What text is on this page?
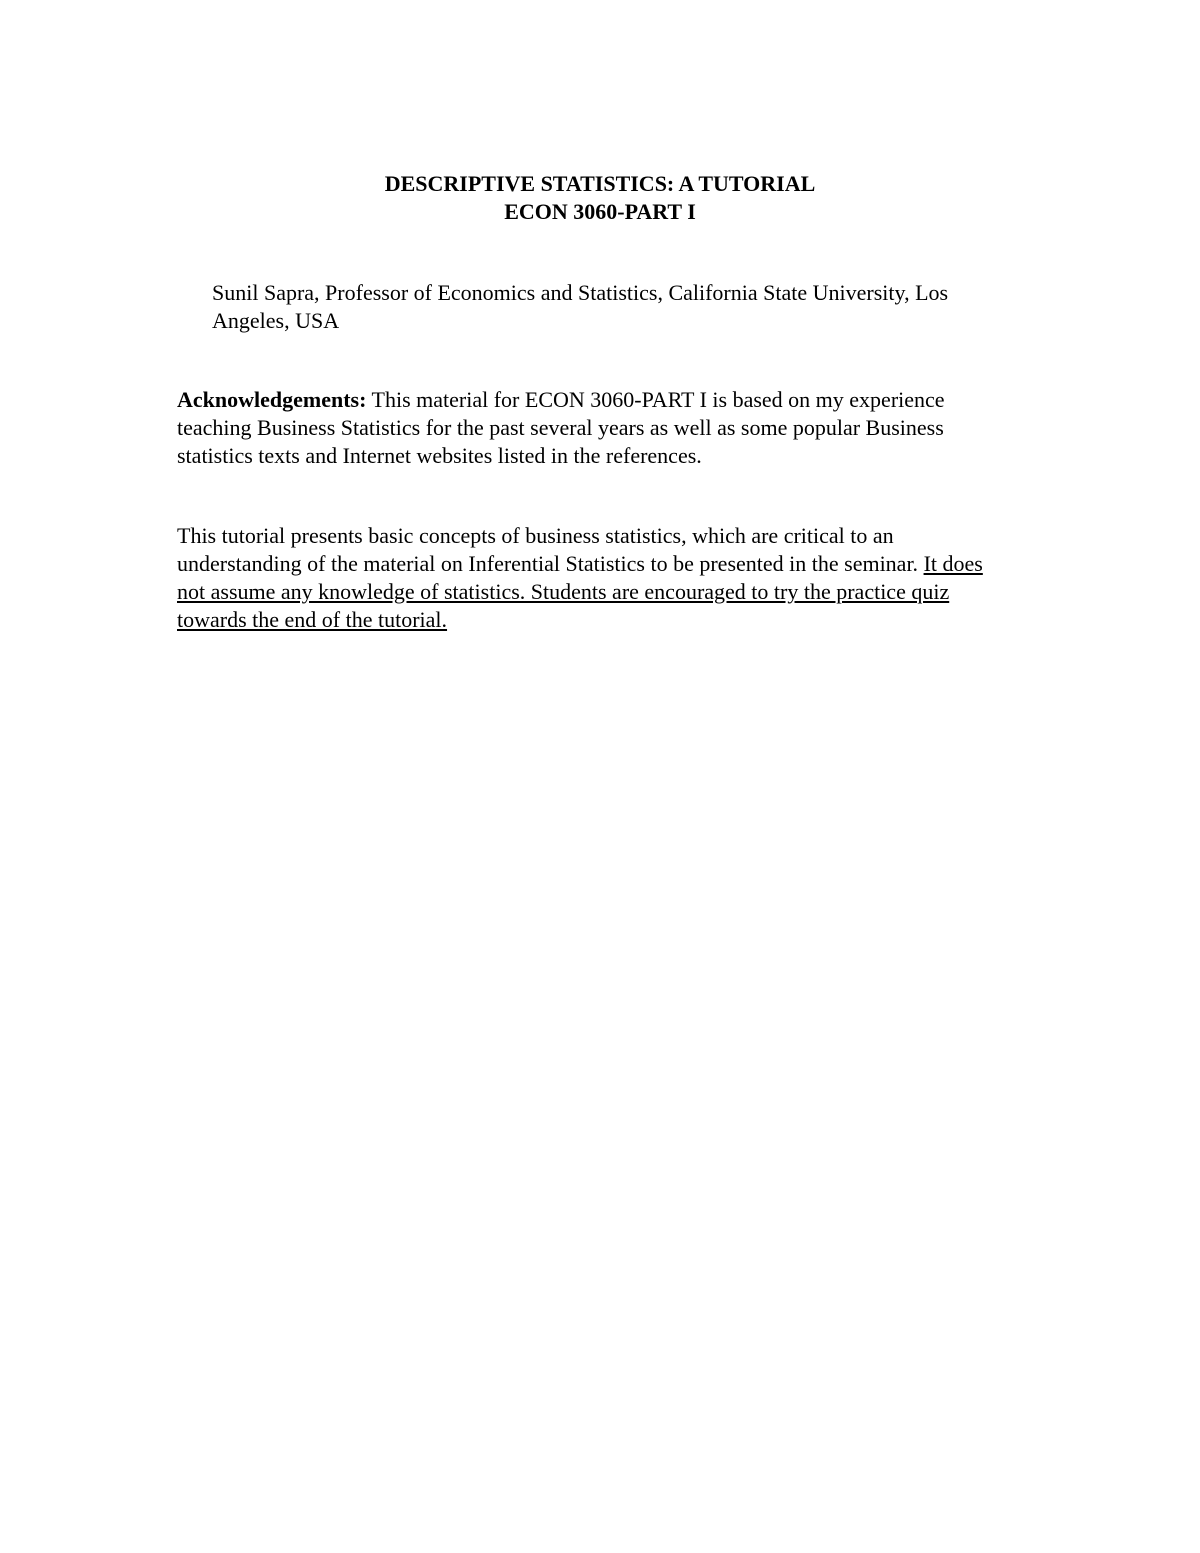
DESCRIPTIVE STATISTICS: A TUTORIAL
ECON 3060-PART I
Sunil Sapra, Professor of Economics and Statistics, California State University, Los Angeles, USA
Acknowledgements: This material for ECON 3060-PART I is based on my experience teaching Business Statistics for the past several years as well as some popular Business statistics texts and Internet websites listed in the references.
This tutorial presents basic concepts of business statistics, which are critical to an understanding of the material on Inferential Statistics to be presented in the seminar. It does not assume any knowledge of statistics. Students are encouraged to try the practice quiz towards the end of the tutorial.
